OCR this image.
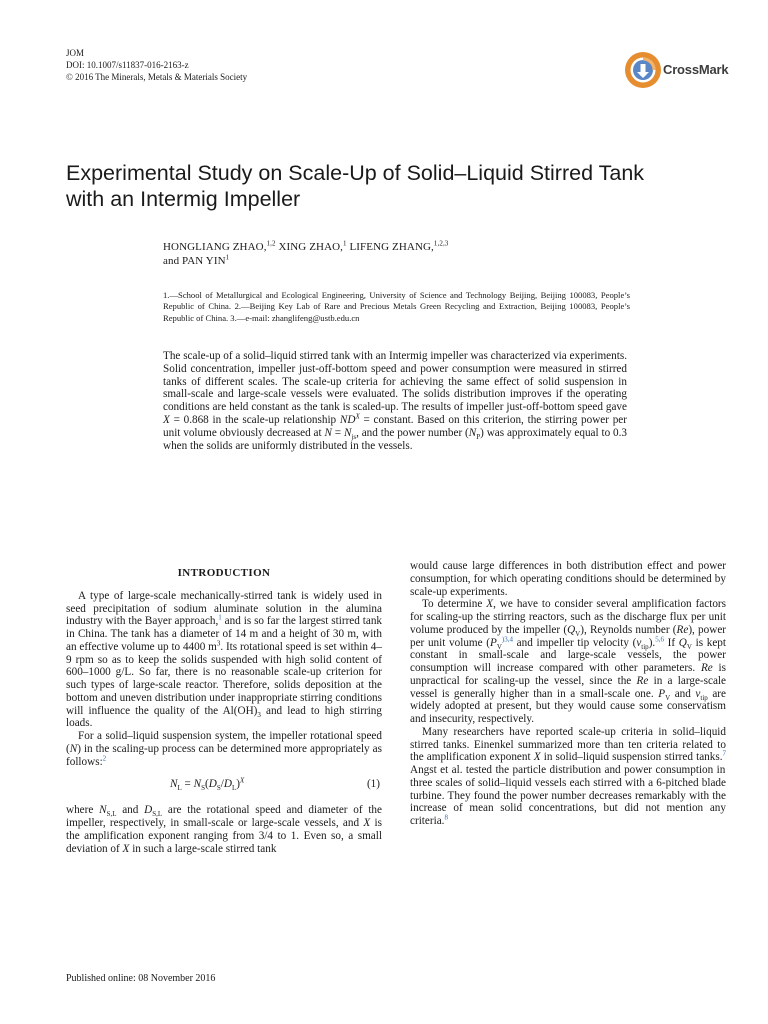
JOM
DOI: 10.1007/s11837-016-2163-z
© 2016 The Minerals, Metals & Materials Society	CrossMark
Experimental Study on Scale-Up of Solid–Liquid Stirred Tank
with an Intermig Impeller
HONGLIANG ZHAO,$^{1,2}$ XING ZHAO,$^1$ LIFENG ZHANG,$^{1,2,3}$
and PAN YIN$^1$
1.—School of Metallurgical and Ecological Engineering, University of Science and Technology Beijing, Beijing 100083, People’s Republic of China. 2.—Beijing Key Lab of Rare and Precious Metals Green Recycling and Extraction, Beijing 100083, People’s Republic of China. 3.—e-mail: zhanglifeng@ustb.edu.cn

The scale-up of a solid–liquid stirred tank with an Intermig impeller was characterized via experiments. Solid concentration, impeller just-off-bottom speed and power consumption were measured in stirred tanks of different scales. The scale-up criteria for achieving the same effect of solid suspension in small-scale and large-scale vessels were evaluated. The solids distribution improves if the operating conditions are held constant as the tank is scaled-up. The results of impeller just-off-bottom speed gave X = 0.868 in the scale-up relationship $ND^X$ = constant. Based on this criterion, the stirring power per unit volume obviously decreased at $N = N_{js}$, and the power number $(N_P)$ was approximately equal to 0.3 when the solids are uniformly distributed in the vessels.

INTRODUCTION

A type of large-scale mechanically-stirred tank is widely used in seed precipitation of sodium aluminate solution in the alumina industry with the Bayer approach,$^1$ and is so far the largest stirred tank in China. The tank has a diameter of 14 m and a height of 30 m, with an effective volume up to 4400 $m^3$. Its rotational speed is set within 4–9 rpm so as to keep the solids suspended with high solid content of 600–1000 g/L. So far, there is no reasonable scale-up criterion for such types of large-scale reactor. Therefore, solids deposition at the bottom and uneven distribution under inappropriate stirring conditions will influence the quality of the $Al(OH)_3$ and lead to high stirring loads.

For a solid–liquid suspension system, the impeller rotational speed (N) in the scaling-up process can be determined more appropriately as follows:$^2$

$N_L = N_S(D_S/D_L)^X$	(1)

where $N_{S,L}$ and $D_{S,L}$ are the rotational speed and diameter of the impeller, respectively, in small-scale or large-scale vessels, and X is the amplification exponent ranging from 3/4 to 1. Even so, a small deviation of X in such a large-scale stirred tank

would cause large differences in both distribution effect and power consumption, for which operating conditions should be determined by scale-up experiments.

To determine X, we have to consider several amplification factors for scaling-up the stirring reactors, such as the discharge flux per unit volume produced by the impeller $(Q_V)$, Reynolds number (Re), power per unit volume ($P_V^{)3,4}$ and impeller tip velocity $(v_{tip}).^{5,6}$ If $Q_V$ is kept constant in small-scale and large-scale vessels, the power consumption will increase compared with other parameters. Re is unpractical for scaling-up the vessel, since the Re in a large-scale vessel is generally higher than in a small-scale one. $P_V$ and $v_{tip}$ are widely adopted at present, but they would cause some conservatism and insecurity, respectively.

Many researchers have reported scale-up criteria in solid–liquid stirred tanks. Einenkel summarized more than ten criteria related to the amplification exponent X in solid–liquid suspension stirred tanks.$^7$ Angst et al. tested the particle distribution and power consumption in three scales of solid–liquid vessels each stirred with a 6-pitched blade turbine. They found the power number decreases remarkably with the increase of mean solid concentrations, but did not mention any criteria.$^8$

Published online: 08 November 2016
